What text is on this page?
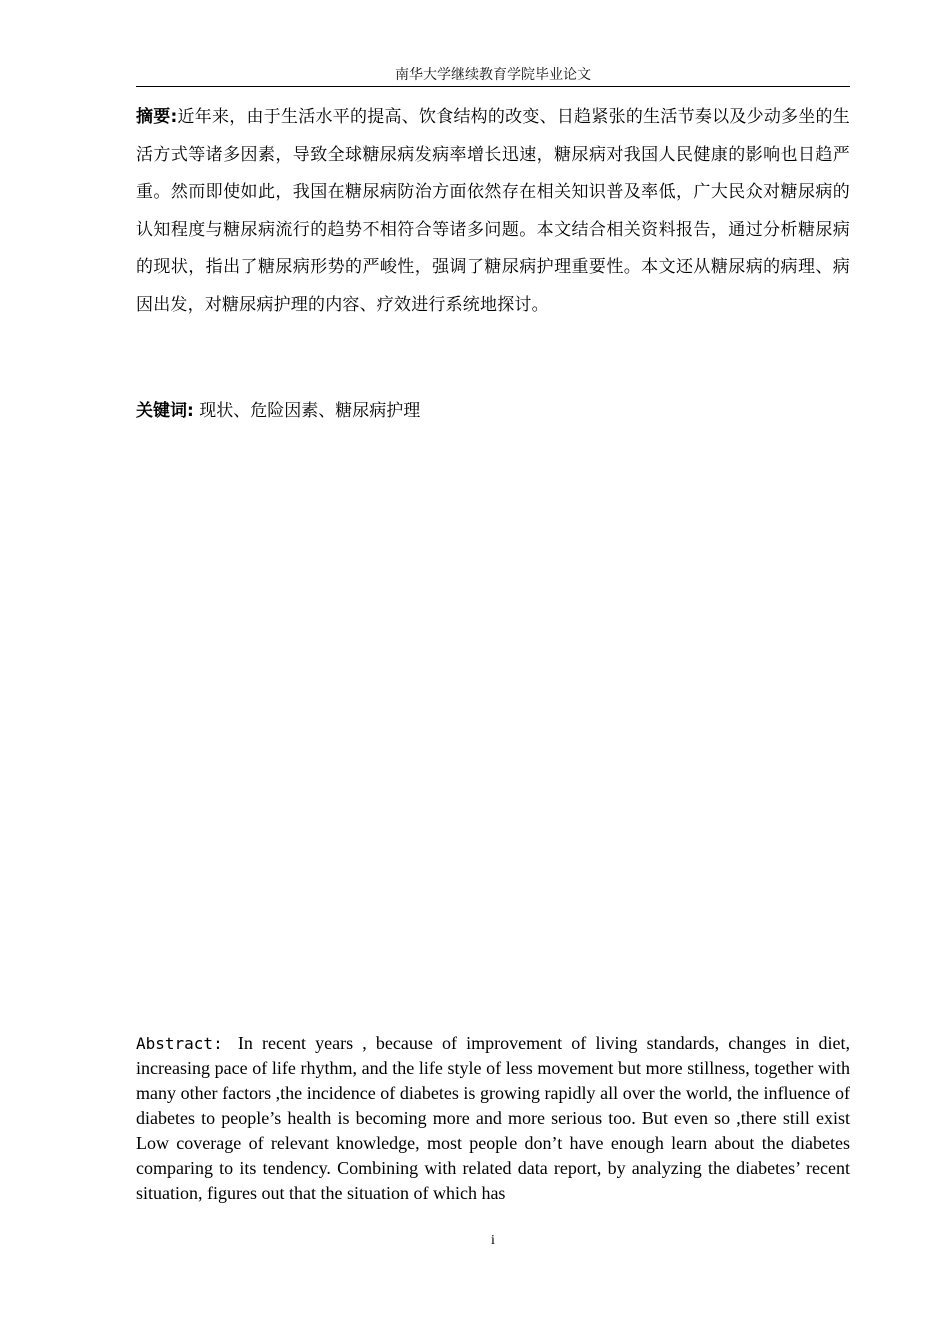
南华大学继续教育学院毕业论文
摘要:近年来，由于生活水平的提高、饮食结构的改变、日趋紧张的生活节奏以及少动多坐的生活方式等诸多因素，导致全球糖尿病发病率增长迅速，糖尿病对我国人民健康的影响也日趋严重。然而即使如此，我国在糖尿病防治方面依然存在相关知识普及率低，广大民众对糖尿病的认知程度与糖尿病流行的趋势不相符合等诸多问题。本文结合相关资料报告，通过分析糖尿病的现状，指出了糖尿病形势的严峻性，强调了糖尿病护理重要性。本文还从糖尿病的病理、病因出发，对糖尿病护理的内容、疗效进行系统地探讨。
关键词: 现状、危险因素、糖尿病护理
Abstract: In recent years , because of improvement of living standards, changes in diet, increasing pace of life rhythm, and the life style of less movement but more stillness, together with many other factors ,the incidence of diabetes is growing rapidly all over the world, the influence of diabetes to people’s health is becoming more and more serious too. But even so ,there still exist Low coverage of relevant knowledge, most people don’t have enough learn about the diabetes comparing to its tendency. Combining with related data report, by analyzing the diabetes’ recent situation, figures out that the situation of which has
i
